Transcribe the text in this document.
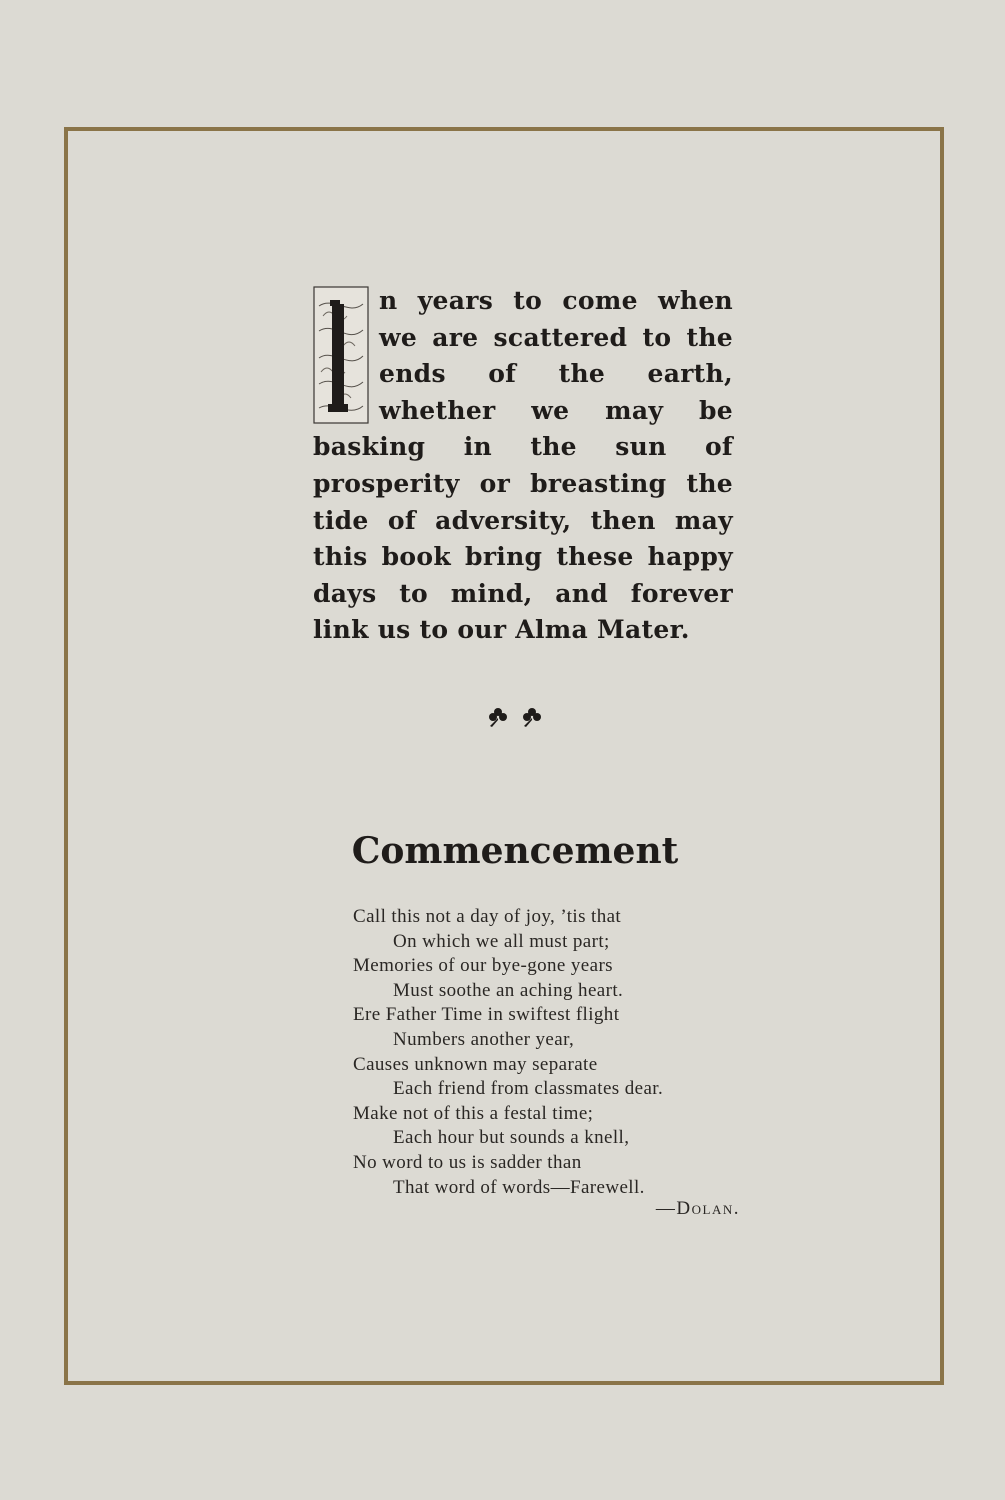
n years to come when we are scattered to the ends of the earth, whether we may be basking in the sun of prosperity or breasting the tide of adversity, then may this book bring these happy days to mind, and forever link us to our Alma Mater.
Commencement
Call this not a day of joy, ’tis that
On which we all must part;
Memories of our bye-gone years
Must soothe an aching heart.
Ere Father Time in swiftest flight
Numbers another year,
Causes unknown may separate
Each friend from classmates dear.
Make not of this a festal time;
Each hour but sounds a knell,
No word to us is sadder than
That word of words—Farewell.
—Dolan.
